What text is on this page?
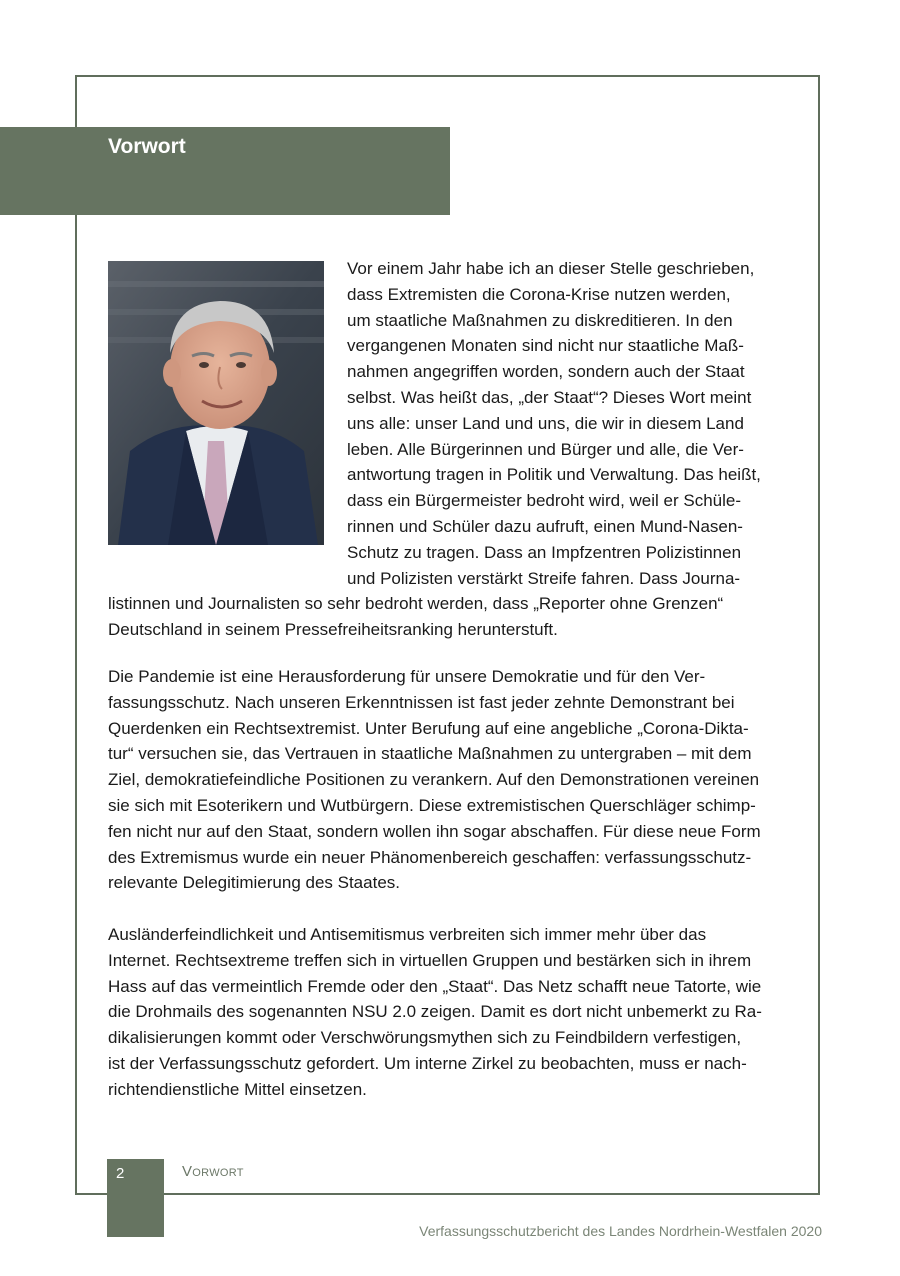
Vorwort
Vor einem Jahr habe ich an dieser Stelle geschrieben,
dass Extremisten die Corona-Krise nutzen werden,
um staatliche Maßnahmen zu diskreditieren. In den
vergangenen Monaten sind nicht nur staatliche Maß-
nahmen angegriffen worden, sondern auch der Staat
selbst. Was heißt das, „der Staat“? Dieses Wort meint
uns alle: unser Land und uns, die wir in diesem Land
leben. Alle Bürgerinnen und Bürger und alle, die Ver-
antwortung tragen in Politik und Verwaltung. Das heißt,
dass ein Bürgermeister bedroht wird, weil er Schüle-
rinnen und Schüler dazu aufruft, einen Mund-Nasen-
Schutz zu tragen. Dass an Impfzentren Polizistinnen
und Polizisten verstärkt Streife fahren. Dass Journa-
listinnen und Journalisten so sehr bedroht werden, dass „Reporter ohne Grenzen“
Deutschland in seinem Pressefreiheitsranking herunterstuft.
Die Pandemie ist eine Herausforderung für unsere Demokratie und für den Ver-
fassungsschutz. Nach unseren Erkenntnissen ist fast jeder zehnte Demonstrant bei
Querdenken ein Rechtsextremist. Unter Berufung auf eine angebliche „Corona-Dikta-
tur“ versuchen sie, das Vertrauen in staatliche Maßnahmen zu untergraben – mit dem
Ziel, demokratiefeindliche Positionen zu verankern. Auf den Demonstrationen vereinen
sie sich mit Esoterikern und Wutbürgern. Diese extremistischen Querschläger schimp-
fen nicht nur auf den Staat, sondern wollen ihn sogar abschaffen. Für diese neue Form
des Extremismus wurde ein neuer Phänomenbereich geschaffen: verfassungsschutz-
relevante Delegitimierung des Staates.
Ausländerfeindlichkeit und Antisemitismus verbreiten sich immer mehr über das
Internet. Rechtsextreme treffen sich in virtuellen Gruppen und bestärken sich in ihrem
Hass auf das vermeintlich Fremde oder den „Staat“. Das Netz schafft neue Tatorte, wie
die Drohmails des sogenannten NSU 2.0 zeigen. Damit es dort nicht unbemerkt zu Ra-
dikalisierungen kommt oder Verschwörungsmythen sich zu Feindbildern verfestigen,
ist der Verfassungsschutz gefordert. Um interne Zirkel zu beobachten, muss er nach-
richtendienstliche Mittel einsetzen.
2	Vorwort
Verfassungsschutzbericht des Landes Nordrhein-Westfalen 2020
